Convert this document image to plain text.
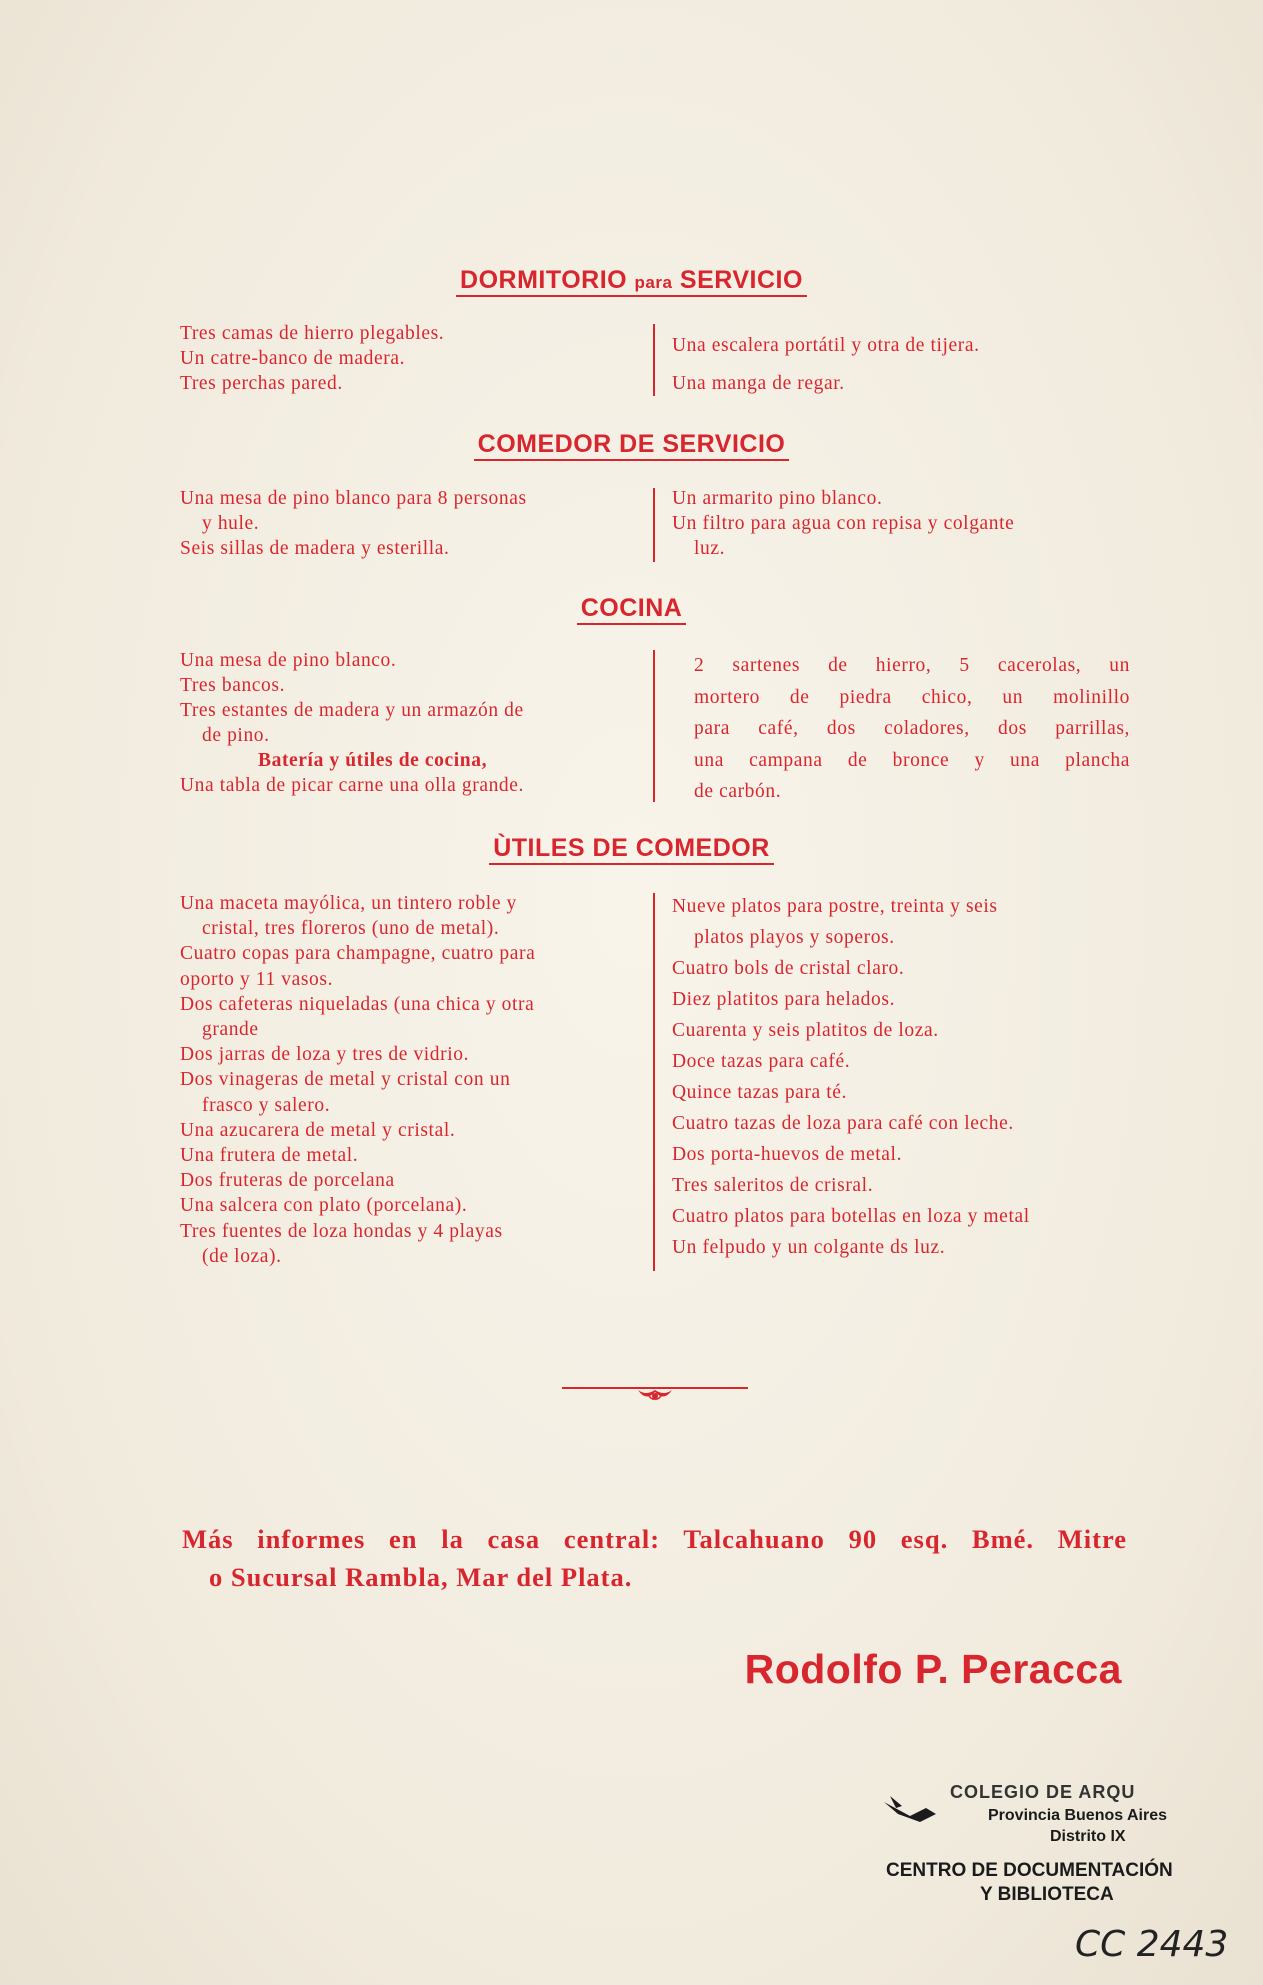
DORMITORIO para SERVICIO
Tres camas de hierro plegables.
Un catre-banco de madera.
Tres perchas pared.
Una escalera portátil y otra de tijera.
Una manga de regar.
COMEDOR DE SERVICIO
Una mesa de pino blanco para 8 personas
y hule.
Seis sillas de madera y esterilla.
Un armarito pino blanco.
Un filtro para agua con repisa y colgante
luz.
COCINA
Una mesa de pino blanco.
Tres bancos.
Tres estantes de madera y un armazón de
de pino.
Batería y útiles de cocina,
Una tabla de picar carne una olla grande.
2 sartenes de hierro, 5 cacerolas, un
mortero de piedra chico, un molinillo
para café, dos coladores, dos parrillas,
una campana de bronce y una plancha
de carbón.
ÙTILES DE COMEDOR
Una maceta mayólica, un tintero roble y
cristal, tres floreros (uno de metal).
Cuatro copas para champagne, cuatro para
oporto y 11 vasos.
Dos cafeteras niqueladas (una chica y otra
grande
Dos jarras de loza y tres de vidrio.
Dos vinageras de metal y cristal con un
frasco y salero.
Una azucarera de metal y cristal.
Una frutera de metal.
Dos fruteras de porcelana
Una salcera con plato (porcelana).
Tres fuentes de loza hondas y 4 playas
(de loza).
Nueve platos para postre, treinta y seis
platos playos y soperos.
Cuatro bols de cristal claro.
Diez platitos para helados.
Cuarenta y seis platitos de loza.
Doce tazas para café.
Quince tazas para té.
Cuatro tazas de loza para café con leche.
Dos porta-huevos de metal.
Tres saleritos de crisral.
Cuatro platos para botellas en loza y metal
Un felpudo y un colgante ds luz.
Más informes en la casa central: Talcahuano 90 esq. Bmé. Mitre
o Sucursal Rambla, Mar del Plata.
Rodolfo P. Peracca
COLEGIO DE ARQU
Provincia Buenos Aires
Distrito IX
CENTRO DE DOCUMENTACIÓN
Y BIBLIOTECA
CC 2443
